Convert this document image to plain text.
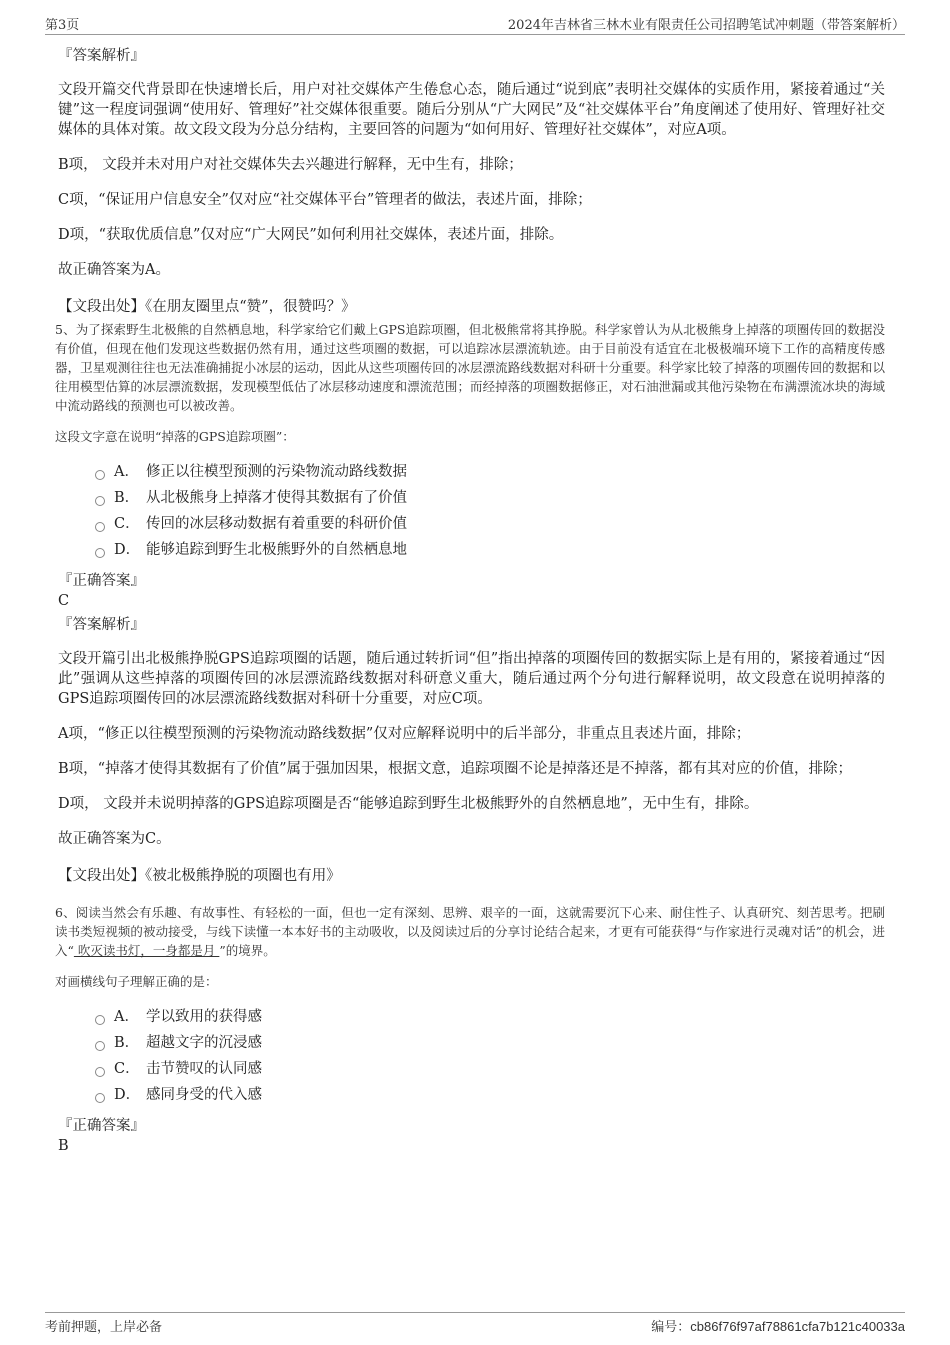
第3页	2024年吉林省三林木业有限责任公司招聘笔试冲刺题（带答案解析）
『答案解析』
文段开篇交代背景即在快速增长后，用户对社交媒体产生倦怠心态，随后通过“说到底”表明社交媒体的实质作用，紧接着通过“关键”这一程度词强调“使用好、管理好”社交媒体很重要。随后分别从“广大网民”及“社交媒体平台”角度阐述了使用好、管理好社交媒体的具体对策。故文段文段为分总分结构，主要回答的问题为“如何用好、管理好社交媒体”，对应A项。
B项， 文段并未对用户对社交媒体失去兴趣进行解释，无中生有，排除；
C项，“保证用户信息安全”仅对应“社交媒体平台”管理者的做法，表述片面，排除；
D项，“获取优质信息”仅对应“广大网民”如何利用社交媒体，表述片面，排除。
故正确答案为A。
【文段出处】《在朋友圈里点“赞”，很赞吗？》
5、为了探索野生北极熊的自然栖息地，科学家给它们戴上GPS追踪项圈，但北极熊常将其挣脱。科学家曾认为从北极熊身上掉落的项圈传回的数据没有价值，但现在他们发现这些数据仍然有用，通过这些项圈的数据，可以追踪冰层漂流轨迹。由于目前没有适宜在北极极端环境下工作的高精度传感器，卫星观测往往也无法准确捕捉小冰层的运动，因此从这些项圈传回的冰层漂流路线数据对科研十分重要。科学家比较了掉落的项圈传回的数据和以往用模型估算的冰层漂流数据，发现模型低估了冰层移动速度和漂流范围；而经掉落的项圈数据修正，对石油泄漏或其他污染物在布满漂流冰块的海域中流动路线的预测也可以被改善。
这段文字意在说明“掉落的GPS追踪项圈”：
A． 修正以往模型预测的污染物流动路线数据
B． 从北极熊身上掉落才使得其数据有了价值
C． 传回的冰层移动数据有着重要的科研价值
D． 能够追踪到野生北极熊野外的自然栖息地
『正确答案』
C
『答案解析』
文段开篇引出北极熊挣脱GPS追踪项圈的话题，随后通过转折词“但”指出掉落的项圈传回的数据实际上是有用的，紧接着通过“因此”强调从这些掉落的项圈传回的冰层漂流路线数据对科研意义重大，随后通过两个分句进行解释说明，故文段意在说明掉落的GPS追踪项圈传回的冰层漂流路线数据对科研十分重要，对应C项。
A项，“修正以往模型预测的污染物流动路线数据”仅对应解释说明中的后半部分，非重点且表述片面，排除；
B项，“掉落才使得其数据有了价值”属于强加因果，根据文意，追踪项圈不论是掉落还是不掉落，都有其对应的价值，排除；
D项， 文段并未说明掉落的GPS追踪项圈是否“能够追踪到野生北极熊野外的自然栖息地”，无中生有，排除。
故正确答案为C。
【文段出处】《被北极熊挣脱的项圈也有用》
6、阅读当然会有乐趣、有故事性、有轻松的一面，但也一定有深刻、思辨、艰辛的一面，这就需要沉下心来、耐住性子、认真研究、刻苦思考。把刷读书类短视频的被动接受，与线下读懂一本本好书的主动吸收，以及阅读过后的分享讨论结合起来，才更有可能获得“与作家进行灵魂对话”的机会，进入“ 吹灭读书灯，一身都是月 ”的境界。
对画横线句子理解正确的是：
A． 学以致用的获得感
B． 超越文字的沉浸感
C． 击节赞叹的认同感
D． 感同身受的代入感
『正确答案』
B
考前押题，上岸必备	编号：cb86f76f97af78861cfa7b121c40033a
